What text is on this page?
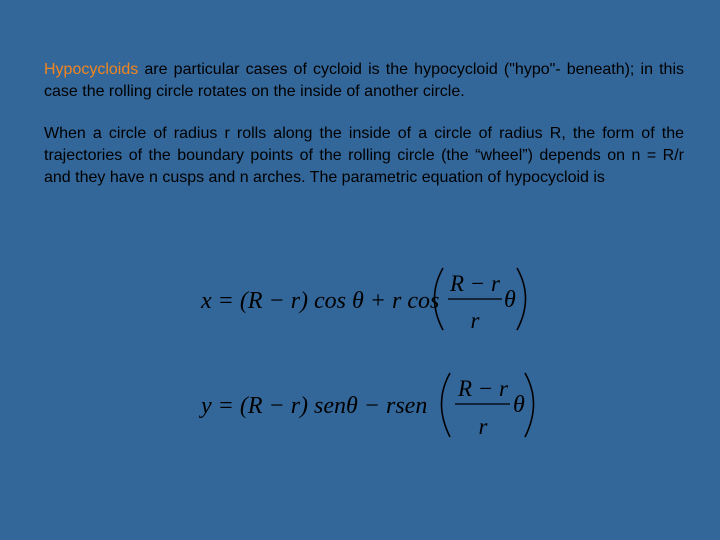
Hypocycloids are particular cases of cycloid is the hypocycloid ("hypo"- beneath); in this case the rolling circle rotates on the inside of another circle.

When a circle of radius r rolls along the inside of a circle of radius R, the form of the trajectories of the boundary points of the rolling circle (the “wheel”) depends on n = R/r and they have n cusps and n arches. The parametric equation of hypocycloid is

x = (R − r) cos θ + r cos
R − r
r
θ
y = (R − r) senθ − rsen
R − r
r
θ
